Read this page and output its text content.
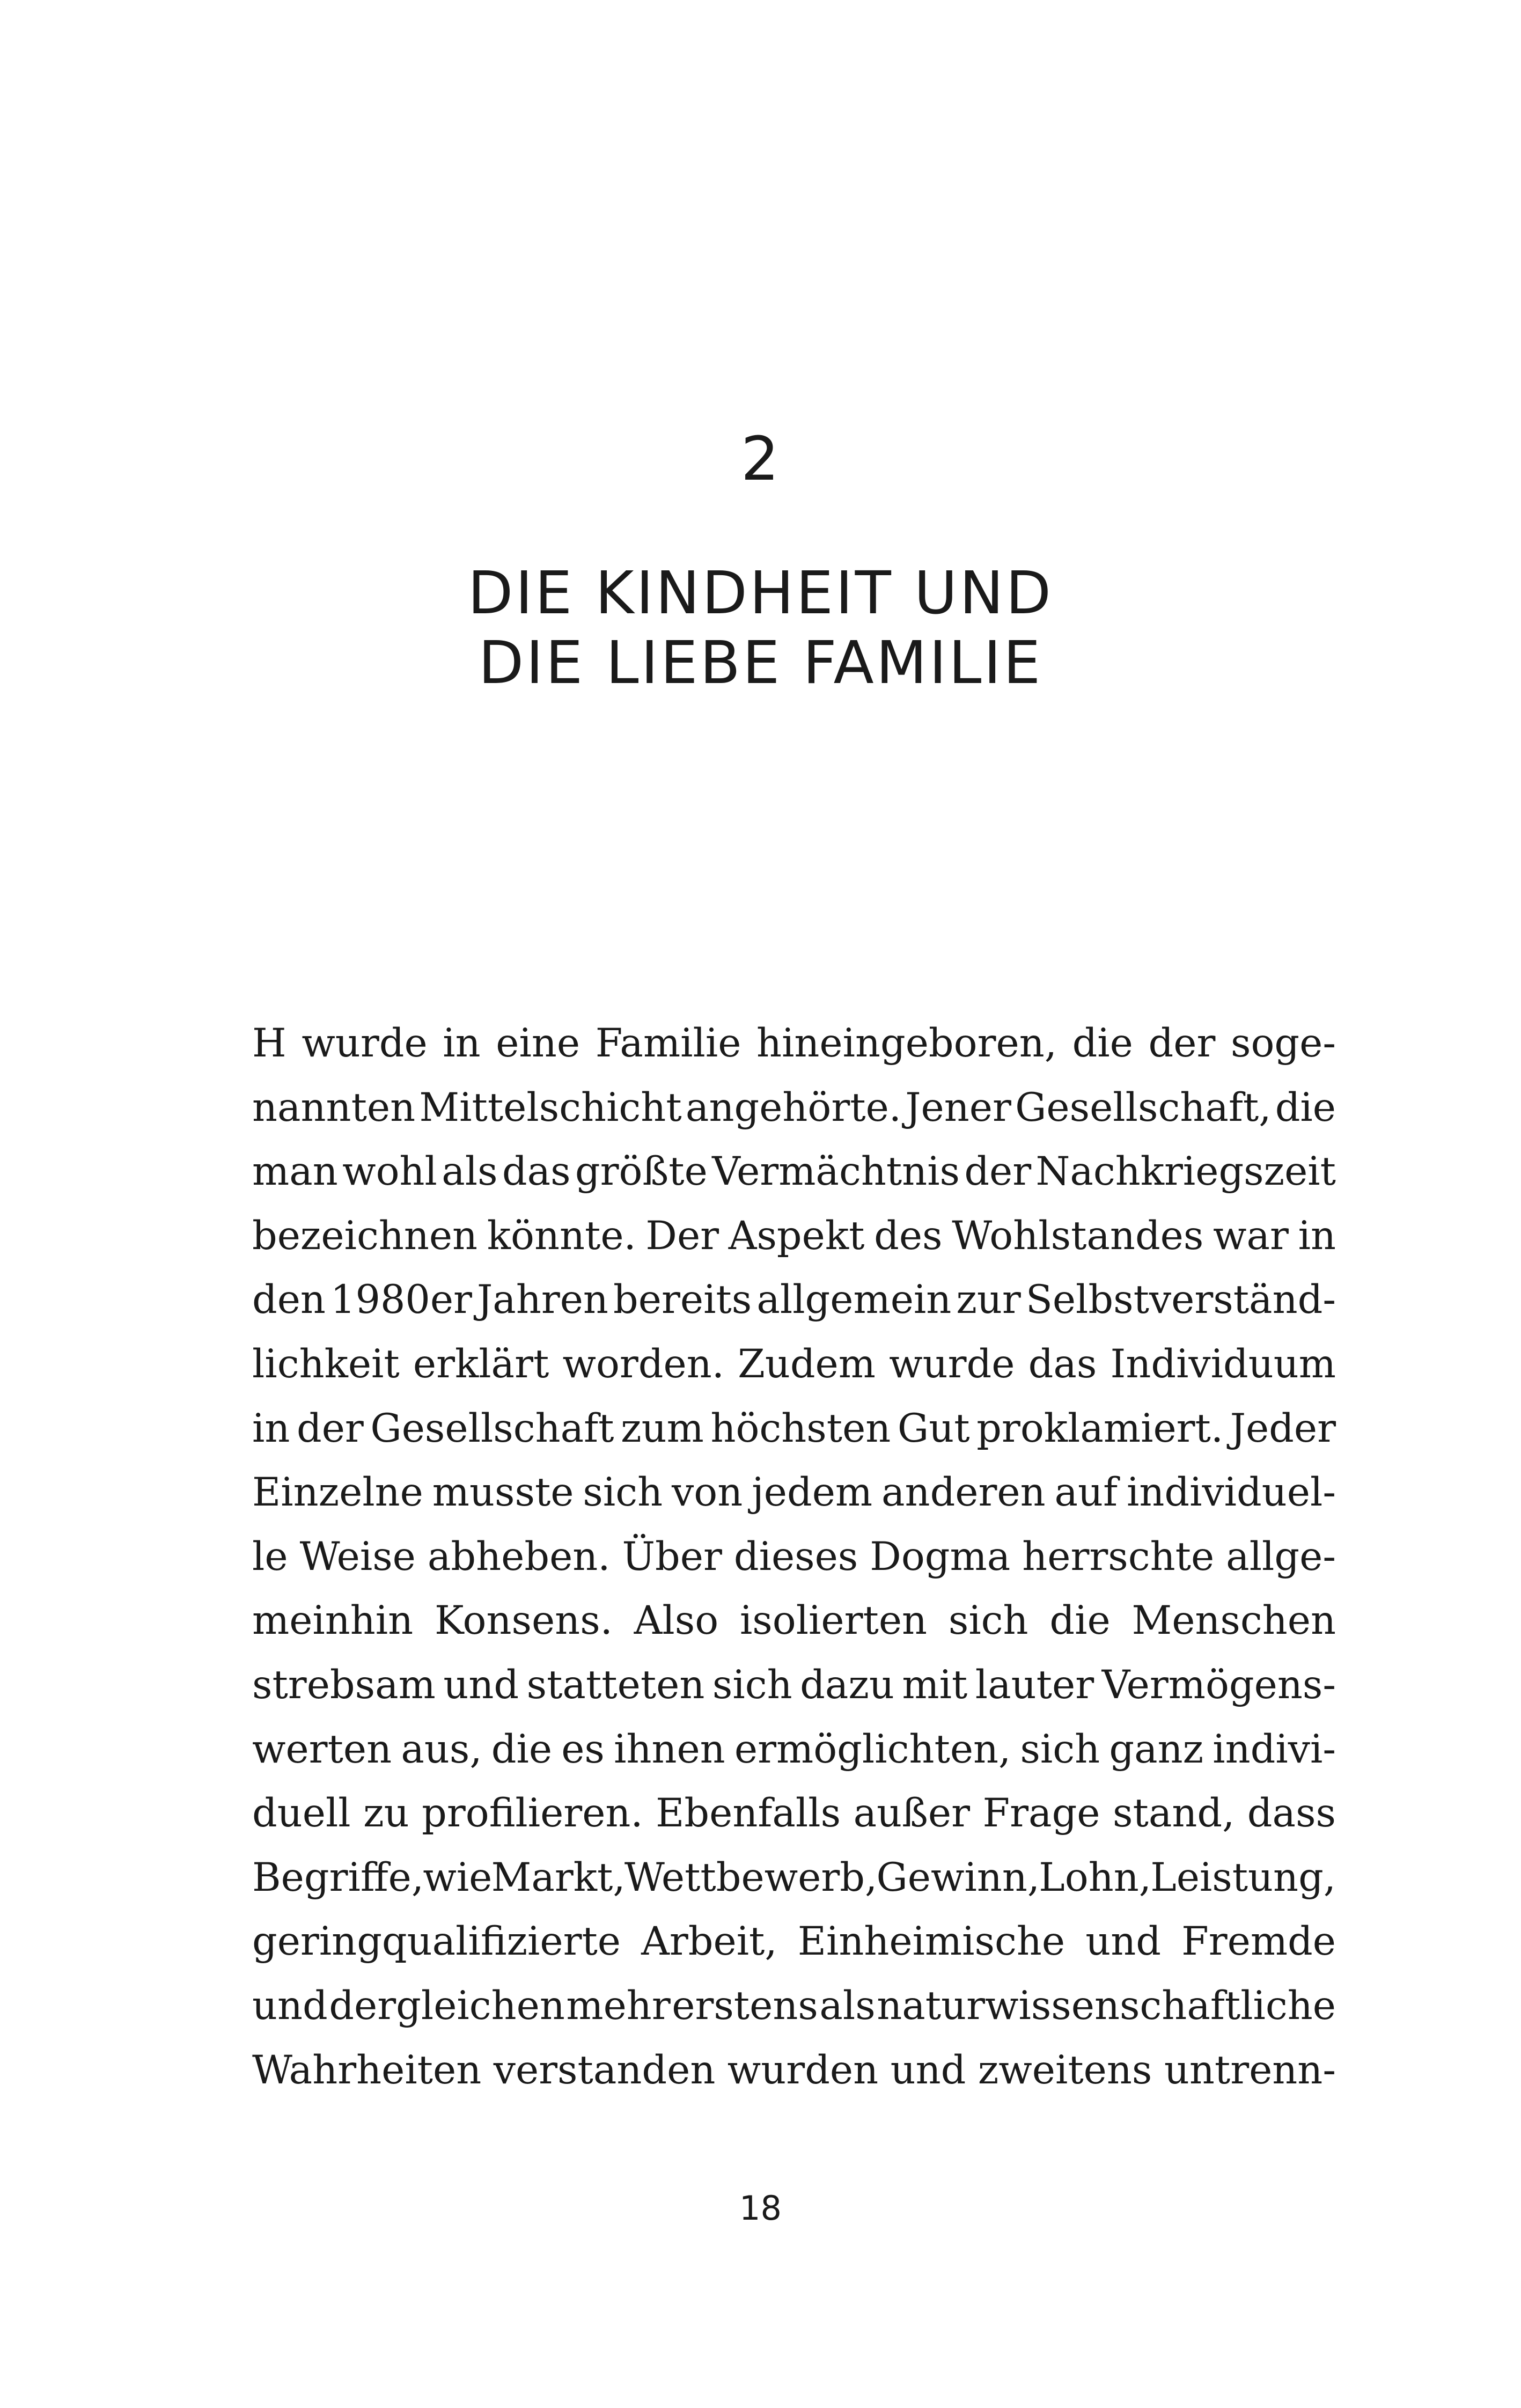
2
DIE KINDHEIT UND
DIE LIEBE FAMILIE
H wurde in eine Familie hineingeboren, die der soge-
nannten Mittelschicht angehörte. Jener Gesellschaft, die
man wohl als das größte Vermächtnis der Nachkriegszeit
bezeichnen könnte. Der Aspekt des Wohlstandes war in
den 1980er Jahren bereits allgemein zur Selbstverständ-
lichkeit erklärt worden. Zudem wurde das Individuum
in der Gesellschaft zum höchsten Gut proklamiert. Jeder
Einzelne musste sich von jedem anderen auf individuel-
le Weise abheben. Über dieses Dogma herrschte allge-
meinhin Konsens. Also isolierten sich die Menschen
strebsam und statteten sich dazu mit lauter Vermögens-
werten aus, die es ihnen ermöglichten, sich ganz indivi-
duell zu profilieren. Ebenfalls außer Frage stand, dass
Begriffe, wie Markt, Wettbewerb, Gewinn, Lohn, Leistung,
geringqualifizierte Arbeit, Einheimische und Fremde
und dergleichen mehr erstens als naturwissenschaftliche
Wahrheiten verstanden wurden und zweitens untrenn-
18
